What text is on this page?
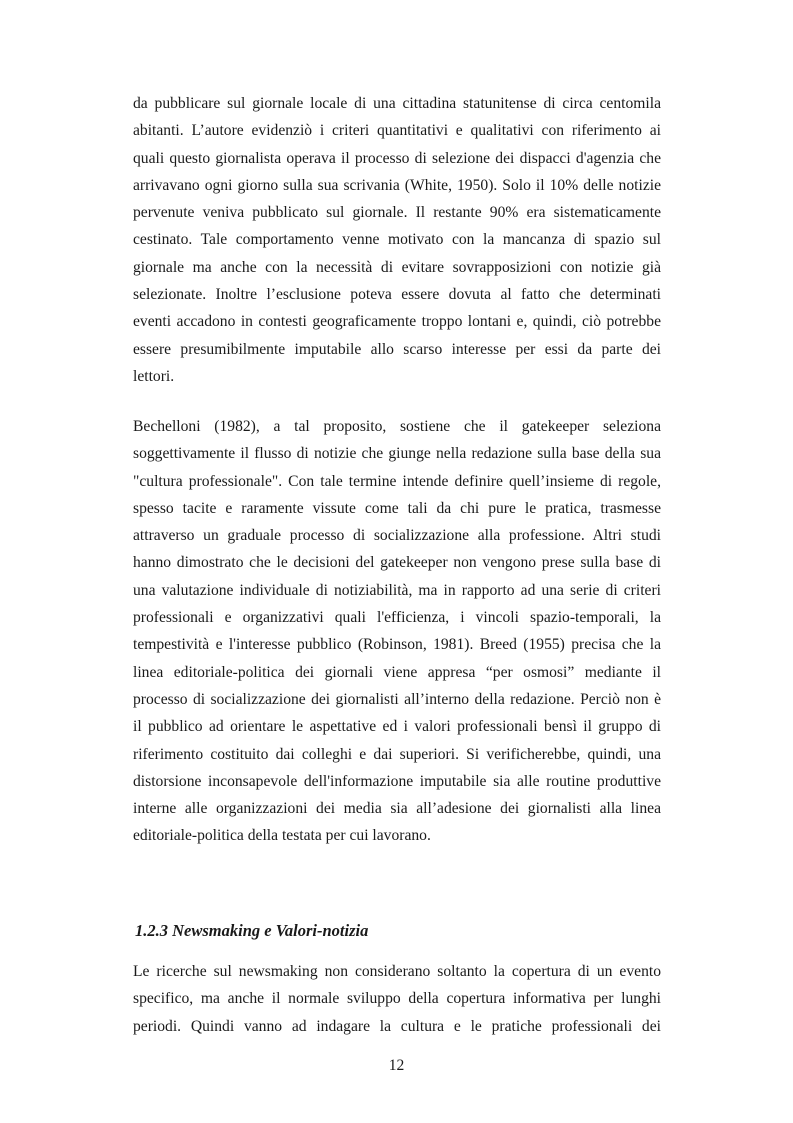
da pubblicare sul giornale locale di una cittadina statunitense di circa centomila
abitanti. L’autore evidenziò i criteri quantitativi e qualitativi con riferimento ai
quali questo giornalista operava il processo di selezione dei dispacci d'agenzia che
arrivavano ogni giorno sulla sua scrivania (White, 1950). Solo il 10% delle notizie
pervenute veniva pubblicato sul giornale. Il restante 90% era sistematicamente
cestinato. Tale comportamento venne motivato con la mancanza di spazio sul
giornale ma anche con la necessità di evitare sovrapposizioni con notizie già
selezionate. Inoltre l’esclusione poteva essere dovuta al fatto che determinati
eventi accadono in contesti geograficamente troppo lontani e, quindi, ciò potrebbe
essere presumibilmente imputabile allo scarso interesse per essi da parte dei
lettori.
Bechelloni (1982), a tal proposito, sostiene che il gatekeeper seleziona
soggettivamente il flusso di notizie che giunge nella redazione sulla base della sua
"cultura professionale". Con tale termine intende definire quell’insieme di regole,
spesso tacite e raramente vissute come tali da chi pure le pratica, trasmesse
attraverso un graduale processo di socializzazione alla professione. Altri studi
hanno dimostrato che le decisioni del gatekeeper non vengono prese sulla base di
una valutazione individuale di notiziabilità, ma in rapporto ad una serie di criteri
professionali e organizzativi quali l'efficienza, i vincoli spazio-temporali, la
tempestività e l'interesse pubblico (Robinson, 1981). Breed (1955) precisa che la
linea editoriale-politica dei giornali viene appresa “per osmosi” mediante il
processo di socializzazione dei giornalisti all’interno della redazione. Perciò non è
il pubblico ad orientare le aspettative ed i valori professionali bensì il gruppo di
riferimento costituito dai colleghi e dai superiori. Si verificherebbe, quindi, una
distorsione inconsapevole dell'informazione imputabile sia alle routine produttive
interne alle organizzazioni dei media sia all’adesione dei giornalisti alla linea
editoriale-politica della testata per cui lavorano.
1.2.3 Newsmaking e Valori-notizia
Le ricerche sul newsmaking non considerano soltanto la copertura di un evento
specifico, ma anche il normale sviluppo della copertura informativa per lunghi
periodi. Quindi vanno ad indagare la cultura e le pratiche professionali dei
12
